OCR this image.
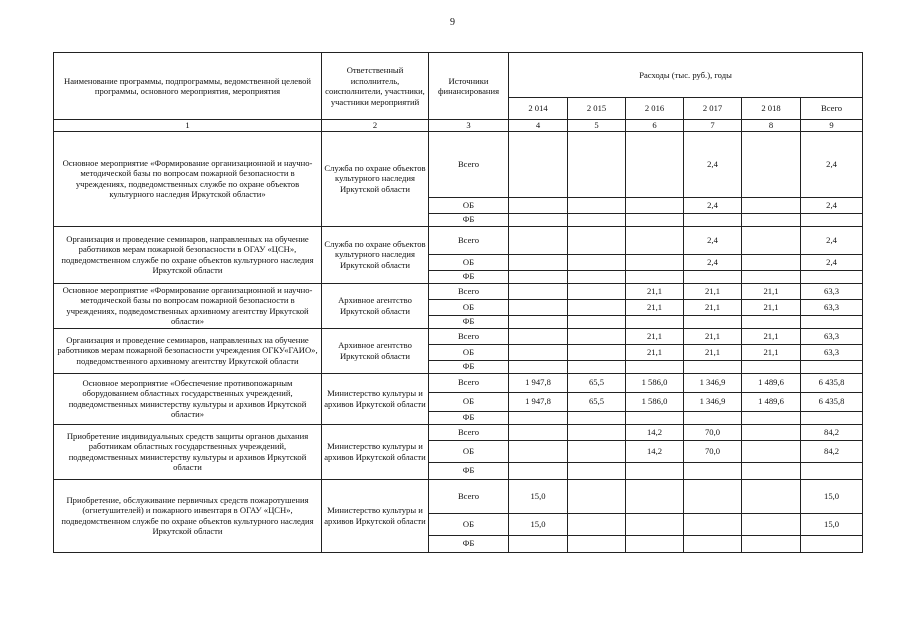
9
Наименование программы, подпрограммы, ведомственной целевой программы, основного мероприятия, мероприятия	Ответственный исполнитель, соисполнители, участники, участники мероприятий	Источники финансирования	Расходы (тыс. руб.), годы					
			2 014	2 015	2 016	2 017	2 018	Всего
1	2	3	4	5	6	7	8	9
Основное мероприятие «Формирование организационной и научно-методической базы по вопросам пожарной безопасности в учреждениях, подведомственных службе по охране объектов культурного наследия Иркутской области»	Служба по охране объектов культурного наследия Иркутской области	Всего				2,4		2,4
		ОБ				2,4		2,4
		ФБ						
Организация и проведение семинаров, направленных на обучение работников мерам пожарной безопасности в ОГАУ «ЦСН», подведомственном службе по охране объектов культурного наследия Иркутской области	Служба по охране объектов культурного наследия Иркутской области	Всего				2,4		2,4
		ОБ				2,4		2,4
		ФБ						
Основное мероприятие «Формирование организационной и научно-методической базы по вопросам пожарной безопасности в учреждениях, подведомственных архивному агентству Иркутской области»	Архивное агентство Иркутской области	Всего			21,1	21,1	21,1	63,3
		ОБ			21,1	21,1	21,1	63,3
		ФБ						
Организация и проведение семинаров, направленных на обучение работников мерам пожарной безопасности учреждения ОГКУ«ГАИО», подведомственного архивному агентству Иркутской области	Архивное агентство Иркутской области	Всего			21,1	21,1	21,1	63,3
		ОБ			21,1	21,1	21,1	63,3
		ФБ						
Основное мероприятие «Обеспечение противопожарным оборудованием областных государственных учреждений, подведомственных министерству культуры и архивов Иркутской области»	Министерство культуры и архивов Иркутской области	Всего	1 947,8	65,5	1 586,0	1 346,9	1 489,6	6 435,8
		ОБ	1 947,8	65,5	1 586,0	1 346,9	1 489,6	6 435,8
		ФБ						
Приобретение индивидуальных средств защиты органов дыхания работникам областных государственных учреждений, подведомственных министерству культуры и архивов Иркутской области	Министерство культуры и архивов Иркутской области	Всего			14,2	70,0		84,2
		ОБ			14,2	70,0		84,2
		ФБ						
Приобретение, обслуживание первичных средств пожаротушения (огнетушителей) и пожарного инвентаря в ОГАУ «ЦСН», подведомственном службе по охране объектов культурного наследия Иркутской области	Министерство культуры и архивов Иркутской области	Всего	15,0					15,0
		ОБ	15,0					15,0
		ФБ						
